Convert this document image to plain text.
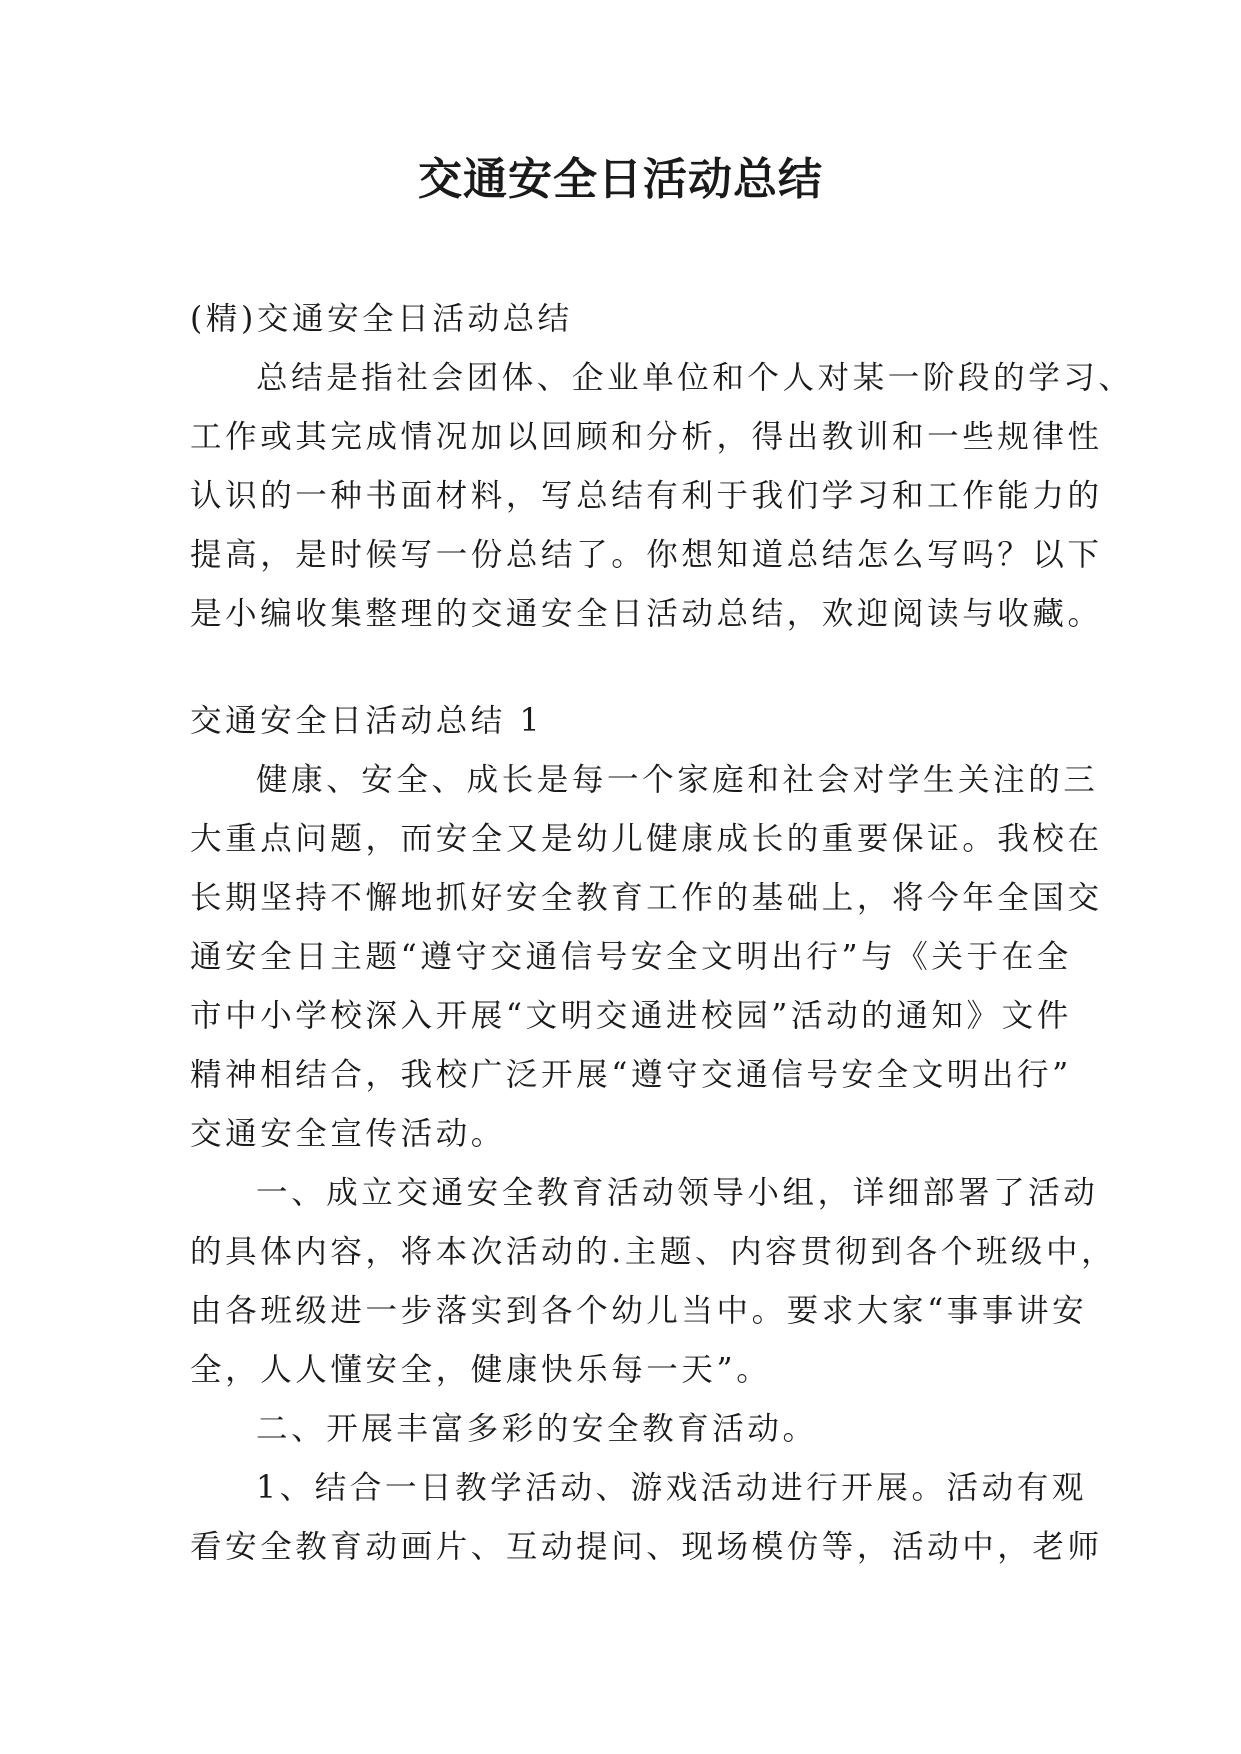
交通安全日活动总结
(精)交通安全日活动总结
总结是指社会团体、企业单位和个人对某一阶段的学习、
工作或其完成情况加以回顾和分析，得出教训和一些规律性
认识的一种书面材料，写总结有利于我们学习和工作能力的
提高，是时候写一份总结了。你想知道总结怎么写吗？以下
是小编收集整理的交通安全日活动总结，欢迎阅读与收藏。
交通安全日活动总结 1
健康、安全、成长是每一个家庭和社会对学生关注的三
大重点问题，而安全又是幼儿健康成长的重要保证。我校在
长期坚持不懈地抓好安全教育工作的基础上，将今年全国交
通安全日主题“遵守交通信号安全文明出行”与《关于在全
市中小学校深入开展“文明交通进校园”活动的通知》文件
精神相结合，我校广泛开展“遵守交通信号安全文明出行”
交通安全宣传活动。
一、成立交通安全教育活动领导小组，详细部署了活动
的具体内容，将本次活动的.主题、内容贯彻到各个班级中，
由各班级进一步落实到各个幼儿当中。要求大家“事事讲安
全，人人懂安全，健康快乐每一天”。
二、开展丰富多彩的安全教育活动。
1、结合一日教学活动、游戏活动进行开展。活动有观
看安全教育动画片、互动提问、现场模仿等，活动中，老师
